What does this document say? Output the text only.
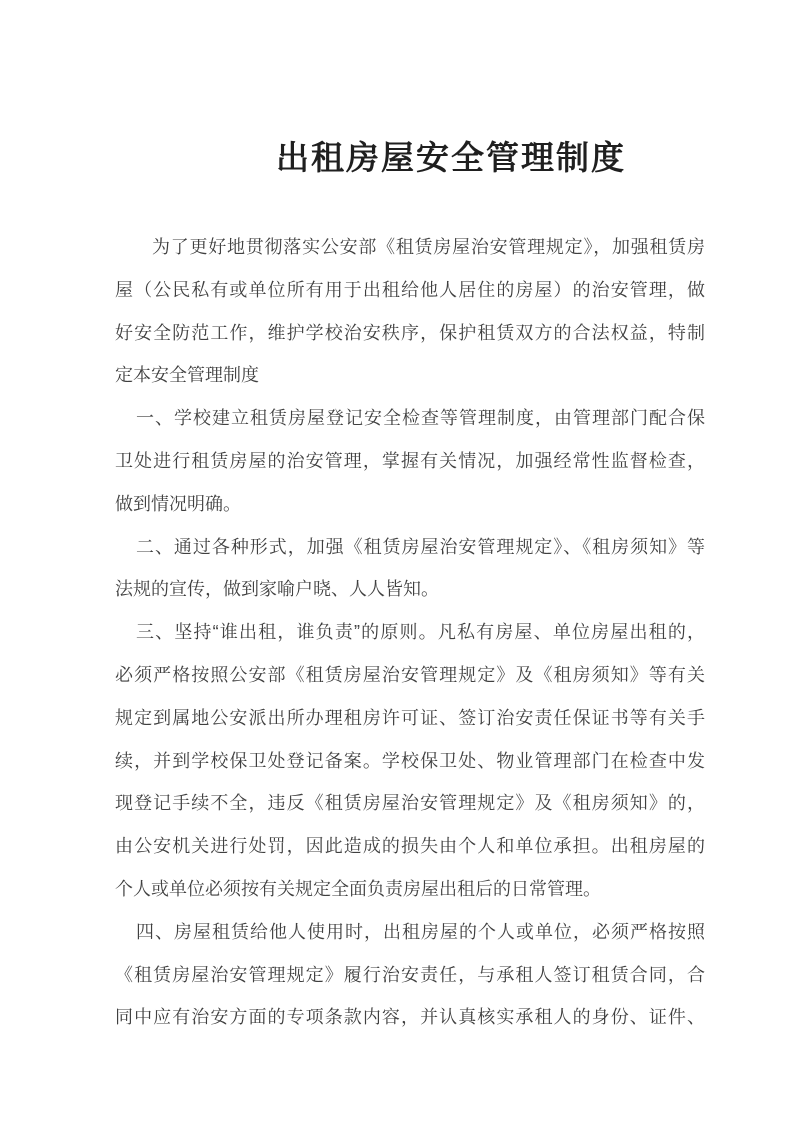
出租房屋安全管理制度
为了更好地贯彻落实公安部《租赁房屋治安管理规定》，加强租赁房
屋（公民私有或单位所有用于出租给他人居住的房屋）的治安管理，做
好安全防范工作，维护学校治安秩序，保护租赁双方的合法权益，特制
定本安全管理制度
一、学校建立租赁房屋登记安全检查等管理制度，由管理部门配合保
卫处进行租赁房屋的治安管理，掌握有关情况，加强经常性监督检查，
做到情况明确。
二、通过各种形式，加强《租赁房屋治安管理规定》、《租房须知》等
法规的宣传，做到家喻户晓、人人皆知。
三、坚持“谁出租，谁负责”的原则。凡私有房屋、单位房屋出租的，
必须严格按照公安部《租赁房屋治安管理规定》及《租房须知》等有关
规定到属地公安派出所办理租房许可证、签订治安责任保证书等有关手
续，并到学校保卫处登记备案。学校保卫处、物业管理部门在检查中发
现登记手续不全，违反《租赁房屋治安管理规定》及《租房须知》的，
由公安机关进行处罚，因此造成的损失由个人和单位承担。出租房屋的
个人或单位必须按有关规定全面负责房屋出租后的日常管理。
四、房屋租赁给他人使用时，出租房屋的个人或单位，必须严格按照
《租赁房屋治安管理规定》履行治安责任，与承租人签订租赁合同，合
同中应有治安方面的专项条款内容，并认真核实承租人的身份、证件、
